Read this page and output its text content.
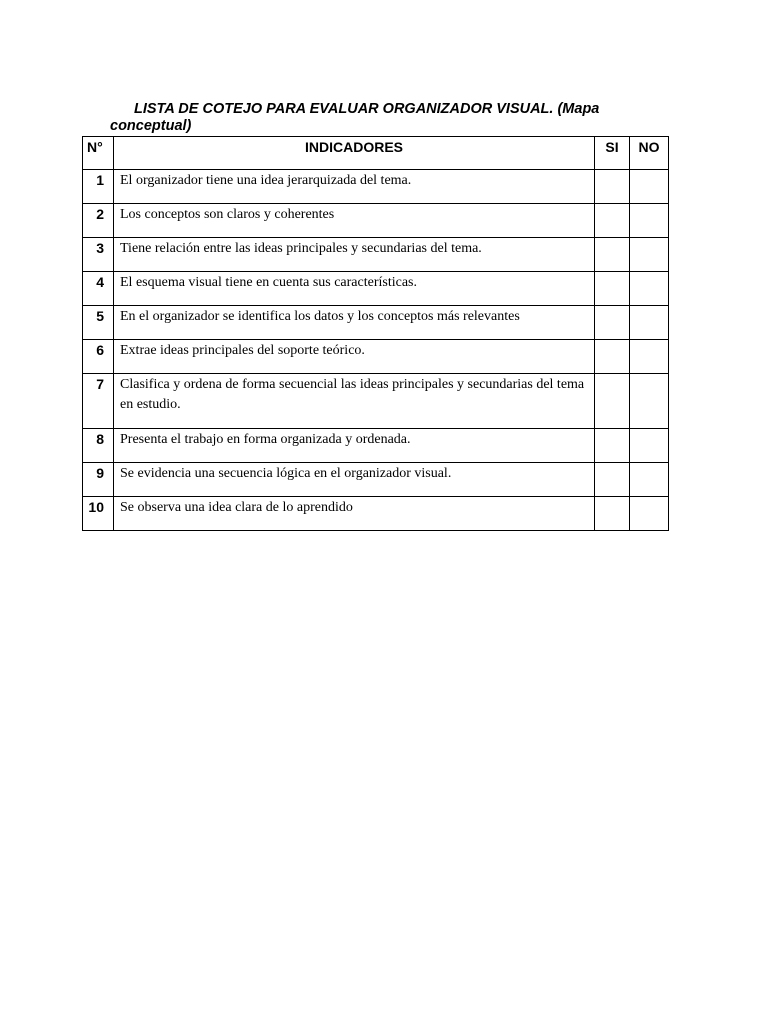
LISTA DE COTEJO PARA EVALUAR ORGANIZADOR VISUAL. (Mapa conceptual)

N°	INDICADORES	SI	NO
1	El organizador tiene una idea jerarquizada del tema.		
2	Los conceptos son claros y coherentes		
3	Tiene relación entre las ideas principales y secundarias del tema.		
4	El esquema visual tiene en cuenta sus características.		
5	En el organizador se identifica los datos y los conceptos más relevantes		
6	Extrae ideas principales del soporte teórico.		
7	Clasifica y ordena de forma secuencial las ideas principales y secundarias del tema en estudio.		
8	Presenta el trabajo en forma organizada y ordenada.		
9	Se evidencia una secuencia lógica en el organizador visual.		
10	Se observa una idea clara de lo aprendido		
